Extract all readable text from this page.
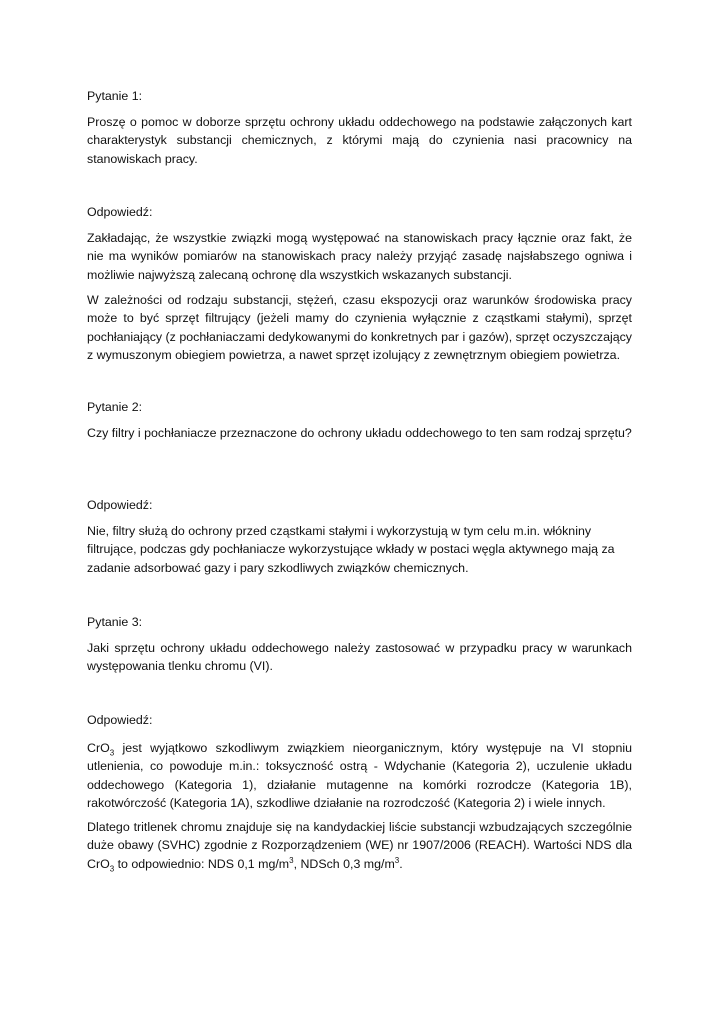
Pytanie 1:

Proszę o pomoc w doborze sprzętu ochrony układu oddechowego na podstawie załączonych kart charakterystyk substancji chemicznych, z którymi mają do czynienia nasi pracownicy na stanowiskach pracy.

Odpowiedź:

Zakładając, że wszystkie związki mogą występować na stanowiskach pracy łącznie oraz fakt, że nie ma wyników pomiarów na stanowiskach pracy należy przyjąć zasadę najsłabszego ogniwa i możliwie najwyższą zalecaną ochronę dla wszystkich wskazanych substancji.

W zależności od rodzaju substancji, stężeń, czasu ekspozycji oraz warunków środowiska pracy może to być sprzęt filtrujący (jeżeli mamy do czynienia wyłącznie z cząstkami stałymi), sprzęt pochłaniający (z pochłaniaczami dedykowanymi do konkretnych par i gazów), sprzęt oczyszczający z wymuszonym obiegiem powietrza, a nawet sprzęt izolujący z zewnętrznym obiegiem powietrza.

Pytanie 2:

Czy filtry i pochłaniacze przeznaczone do ochrony układu oddechowego to ten sam rodzaj sprzętu?

Odpowiedź:

Nie, filtry służą do ochrony przed cząstkami stałymi i wykorzystują w tym celu m.in. włókniny filtrujące, podczas gdy pochłaniacze wykorzystujące wkłady w postaci węgla aktywnego mają za zadanie adsorbować gazy i pary szkodliwych związków chemicznych.

Pytanie 3:

Jaki sprzętu ochrony układu oddechowego należy zastosować w przypadku pracy w warunkach występowania tlenku chromu (VI).

Odpowiedź:

CrO$_3$ jest wyjątkowo szkodliwym związkiem nieorganicznym, który występuje na VI stopniu utlenienia, co powoduje m.in.: toksyczność ostrą - Wdychanie (Kategoria 2), uczulenie układu oddechowego (Kategoria 1), działanie mutagenne na komórki rozrodcze (Kategoria 1B), rakotwórczość (Kategoria 1A), szkodliwe działanie na rozrodczość (Kategoria 2) i wiele innych.

Dlatego tritlenek chromu znajduje się na kandydackiej liście substancji wzbudzających szczególnie duże obawy (SVHC) zgodnie z Rozporządzeniem (WE) nr 1907/2006 (REACH). Wartości NDS dla CrO$_3$ to odpowiednio: NDS 0,1 $mg/m^3$, NDSch 0,3 $mg/m^3$.
